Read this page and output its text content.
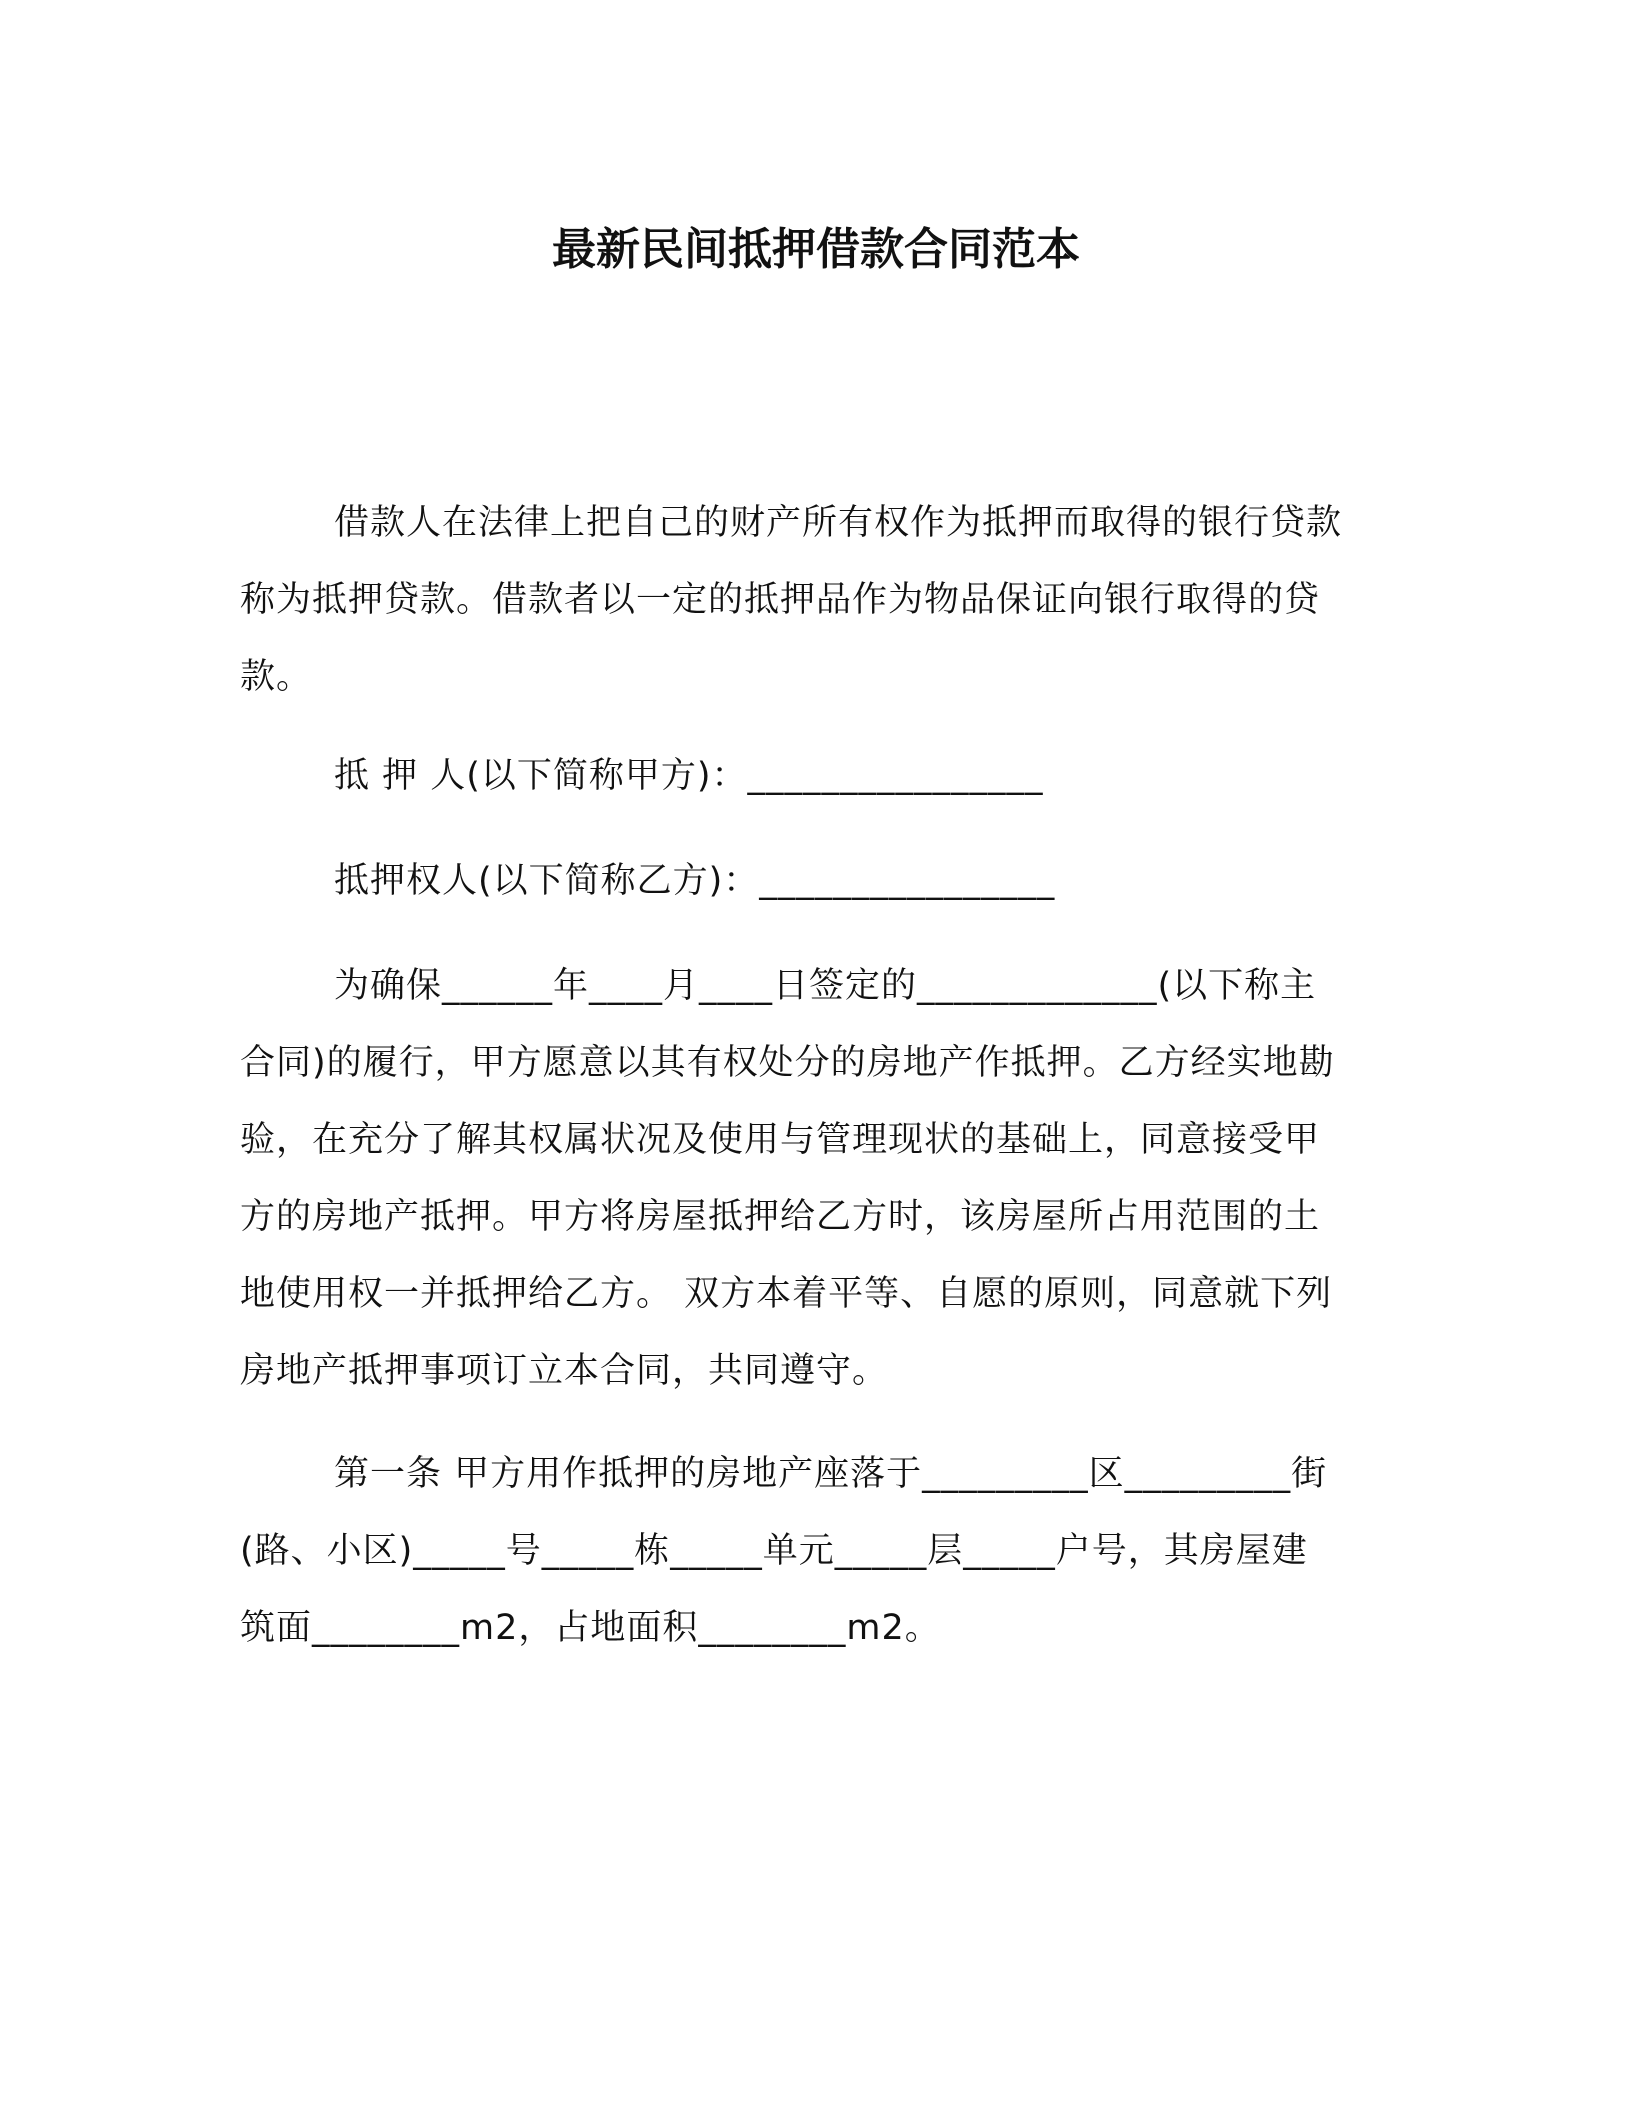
最新民间抵押借款合同范本
借款人在法律上把自己的财产所有权作为抵押而取得的银行贷款
称为抵押贷款。借款者以一定的抵押品作为物品保证向银行取得的贷
款。
抵 押 人(以下简称甲方)：________________
抵押权人(以下简称乙方)：________________
为确保______年____月____日签定的_____________(以下称主
合同)的履行，甲方愿意以其有权处分的房地产作抵押。乙方经实地勘
验，在充分了解其权属状况及使用与管理现状的基础上，同意接受甲
方的房地产抵押。甲方将房屋抵押给乙方时，该房屋所占用范围的土
地使用权一并抵押给乙方。 双方本着平等、自愿的原则，同意就下列
房地产抵押事项订立本合同，共同遵守。
第一条 甲方用作抵押的房地产座落于_________区_________街
(路、小区)_____号_____栋_____单元_____层_____户号，其房屋建
筑面________m2，占地面积________m2。
